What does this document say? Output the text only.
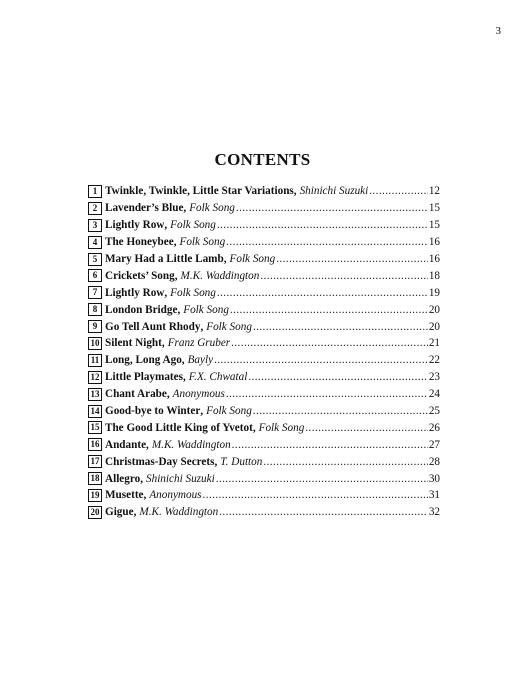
3
CONTENTS
1 Twinkle, Twinkle, Little Star Variations , Shinichi Suzuki .....	12
2 Lavender’s Blue , Folk Song .....	15
3 Lightly Row , Folk Song .....	15
4 The Honeybee , Folk Song .....	16
5 Mary Had a Little Lamb , Folk Song .....	16
6 Crickets’ Song , M.K. Waddington .....	18
7 Lightly Row , Folk Song .....	19
8 London Bridge , Folk Song .....	20
9 Go Tell Aunt Rhody , Folk Song .....	20
10 Silent Night , Franz Gruber .....	21
11 Long, Long Ago , Bayly .....	22
12 Little Playmates , F.X. Chwatal .....	23
13 Chant Arabe , Anonymous .....	24
14 Good-bye to Winter , Folk Song .....	25
15 The Good Little King of Yvetot , Folk Song .....	26
16 Andante , M.K. Waddington .....	27
17 Christmas-Day Secrets , T. Dutton .....	28
18 Allegro , Shinichi Suzuki .....	30
19 Musette , Anonymous .....	31
20 Gigue , M.K. Waddington .....	32
